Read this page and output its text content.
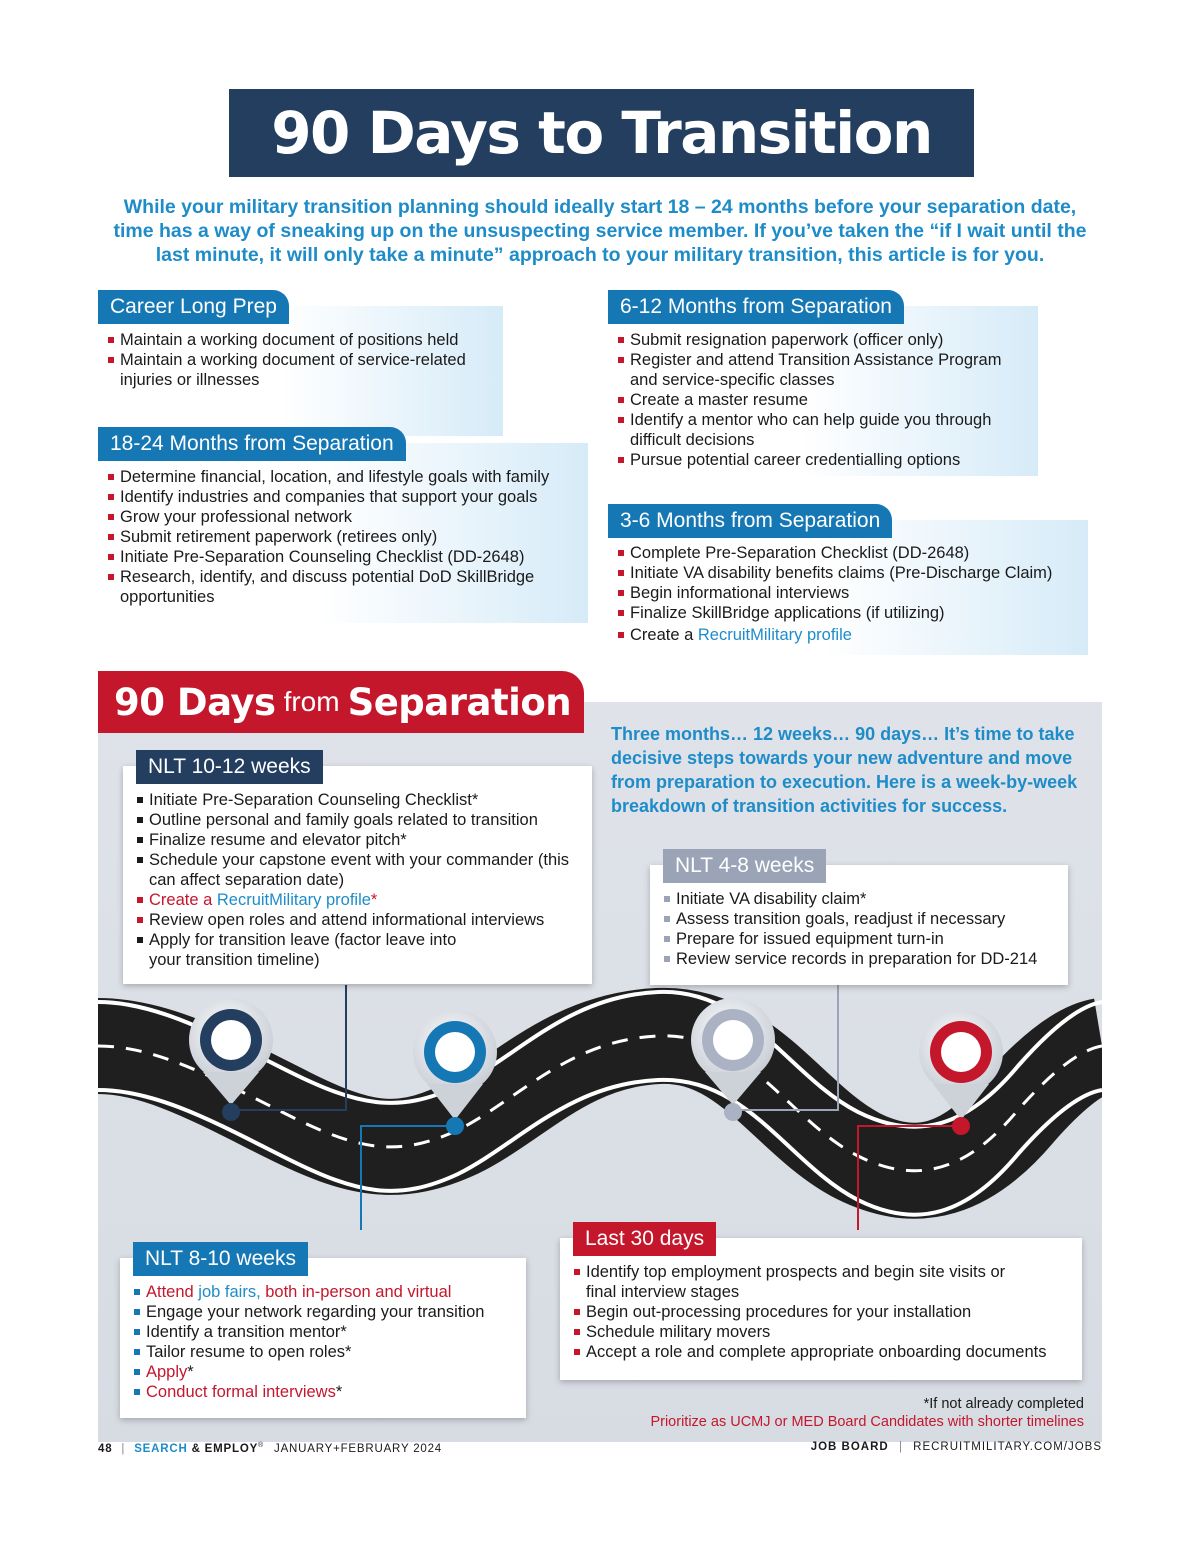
90 Days to Transition
While your military transition planning should ideally start 18 – 24 months before your separation date, time has a way of sneaking up on the unsuspecting service member. If you’ve taken the “if I wait until the last minute, it will only take a minute” approach to your military transition, this article is for you.
Career Long Prep
Maintain a working document of positions held
Maintain a working document of service-related injuries or illnesses
18-24 Months from Separation
Determine financial, location, and lifestyle goals with family
Identify industries and companies that support your goals
Grow your professional network
Submit retirement paperwork (retirees only)
Initiate Pre-Separation Counseling Checklist (DD-2648)
Research, identify, and discuss potential DoD SkillBridge opportunities
6-12 Months from Separation
Submit resignation paperwork (officer only)
Register and attend Transition Assistance Program and service-specific classes
Create a master resume
Identify a mentor who can help guide you through difficult decisions
Pursue potential career credentialling options
3-6 Months from Separation
Complete Pre-Separation Checklist (DD-2648)
Initiate VA disability benefits claims (Pre-Discharge Claim)
Begin informational interviews
Finalize SkillBridge applications (if utilizing)
Create a RecruitMilitary profile
90 Days from Separation
Three months… 12 weeks… 90 days… It’s time to take decisive steps towards your new adventure and move from preparation to execution. Here is a week-by-week breakdown of transition activities for success.
NLT 10-12 weeks
Initiate Pre-Separation Counseling Checklist*
Outline personal and family goals related to transition
Finalize resume and elevator pitch*
Schedule your capstone event with your commander (this can affect separation date)
Create a RecruitMilitary profile*
Review open roles and attend informational interviews
Apply for transition leave (factor leave into your transition timeline)
NLT 4-8 weeks
Initiate VA disability claim*
Assess transition goals, readjust if necessary
Prepare for issued equipment turn-in
Review service records in preparation for DD-214
NLT 8-10 weeks
Attend job fairs, both in-person and virtual
Engage your network regarding your transition
Identify a transition mentor*
Tailor resume to open roles*
Apply*
Conduct formal interviews*
Last 30 days
Identify top employment prospects and begin site visits or final interview stages
Begin out-processing procedures for your installation
Schedule military movers
Accept a role and complete appropriate onboarding documents
*If not already completed
Prioritize as UCMJ or MED Board Candidates with shorter timelines
48 | SEARCH & EMPLOY® JANUARY+FEBRUARY 2024	JOB BOARD | RECRUITMILITARY.COM/JOBS
